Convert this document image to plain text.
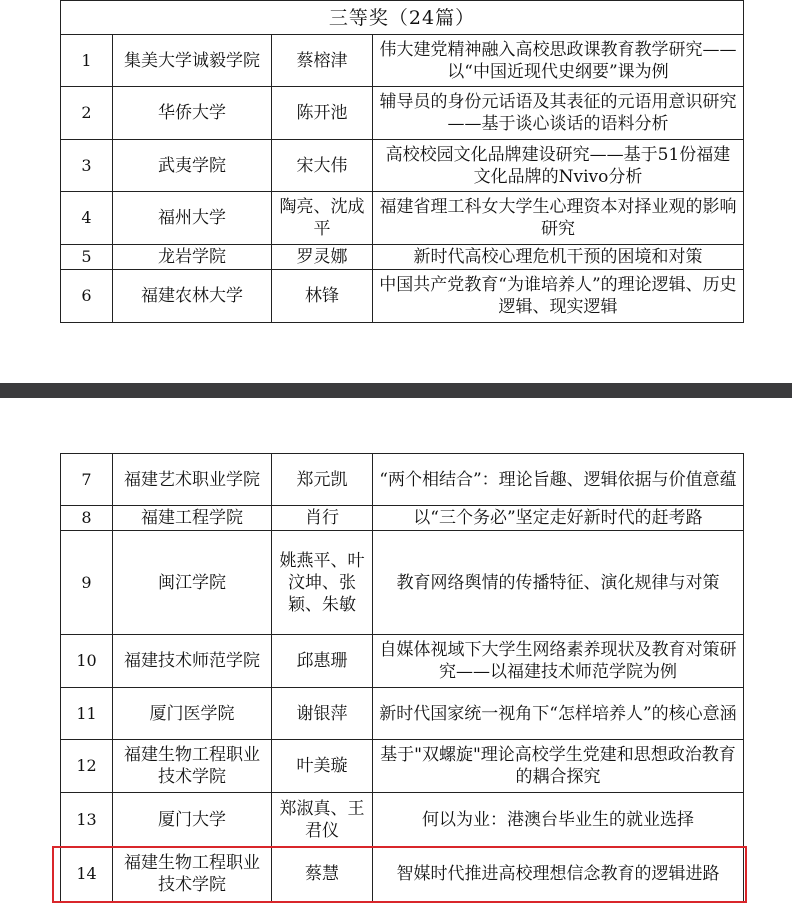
三等奖（24篇）			
1	集美大学诚毅学院	蔡榕津	伟大建党精神融入高校思政课教育教学研究——以“中国近现代史纲要”课为例
2	华侨大学	陈开池	辅导员的身份元话语及其表征的元语用意识研究 ——基于谈心谈话的语料分析
3	武夷学院	宋大伟	高校校园文化品牌建设研究——基于51份福建文化品牌的Nvivo分析
4	福州大学	陶亮、沈成平	福建省理工科女大学生心理资本对择业观的影响研究
5	龙岩学院	罗灵娜	新时代高校心理危机干预的困境和对策
6	福建农林大学	林锋	中国共产党教育“为谁培养人”的理论逻辑、历史逻辑、现实逻辑
7	福建艺术职业学院	郑元凯	“两个相结合”：理论旨趣、逻辑依据与价值意蕴
8	福建工程学院	肖行	以“三个务必”坚定走好新时代的赶考路
9	闽江学院	姚燕平、叶汶坤、张颖、朱敏	教育网络舆情的传播特征、演化规律与对策
10	福建技术师范学院	邱惠珊	自媒体视域下大学生网络素养现状及教育对策研究——以福建技术师范学院为例
11	厦门医学院	谢银萍	新时代国家统一视角下“怎样培养人”的核心意涵
12	福建生物工程职业技术学院	叶美璇	基于"双螺旋"理论高校学生党建和思想政治教育的耦合探究
13	厦门大学	郑淑真、王君仪	何以为业：港澳台毕业生的就业选择
14	福建生物工程职业技术学院	蔡慧	智媒时代推进高校理想信念教育的逻辑进路
